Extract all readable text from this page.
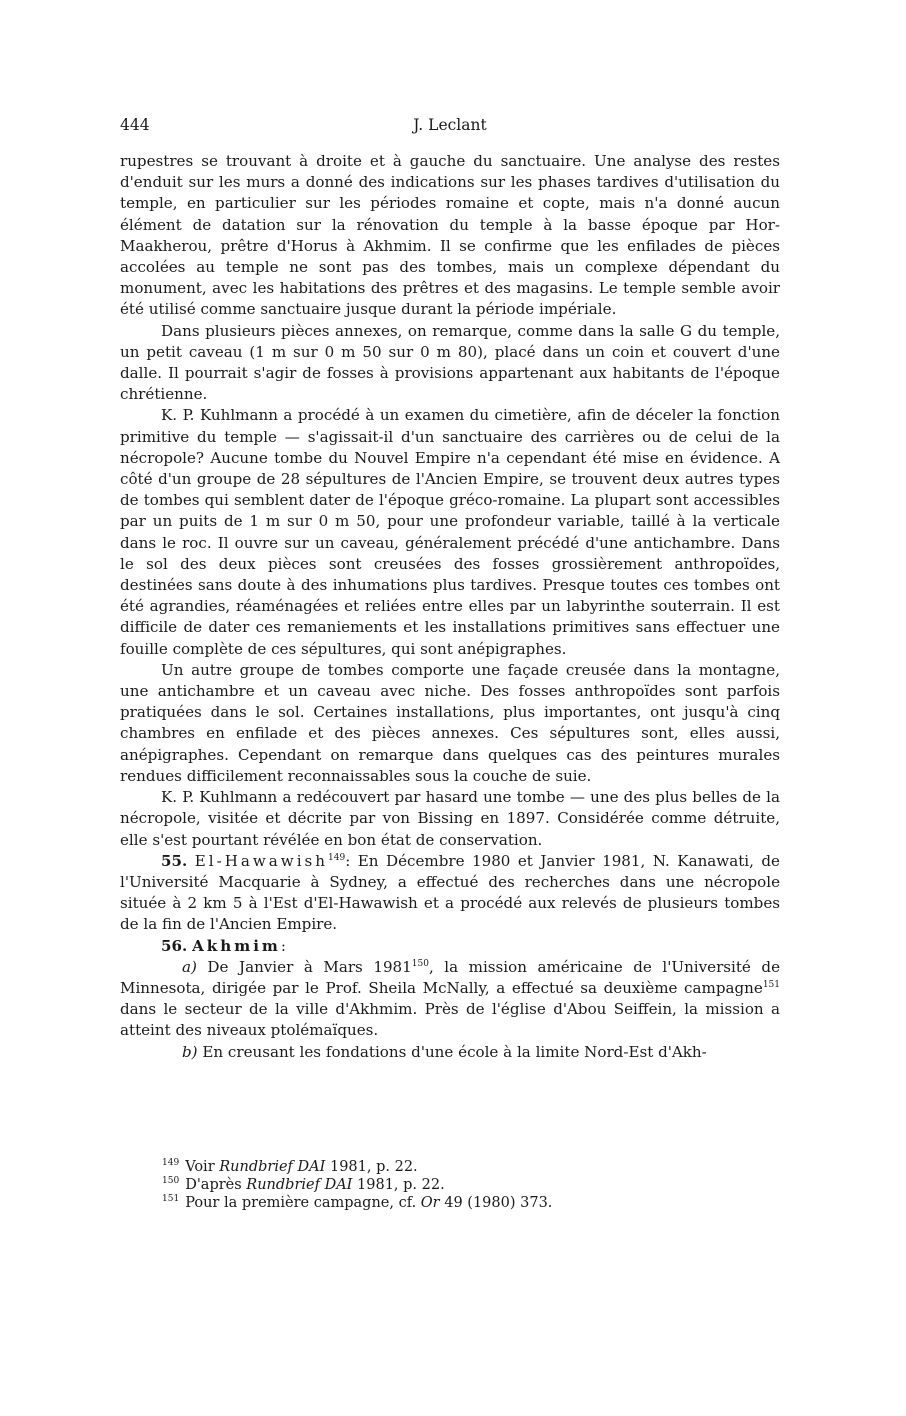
444	J. Leclant

rupestres se trouvant à droite et à gauche du sanctuaire. Une analyse des restes d'enduit sur les murs a donné des indications sur les phases tardives d'utilisation du temple, en particulier sur les périodes romaine et copte, mais n'a donné aucun élément de datation sur la rénovation du temple à la basse époque par Hor-Maakherou, prêtre d'Horus à Akhmim. Il se confirme que les enfilades de pièces accolées au temple ne sont pas des tombes, mais un complexe dépendant du monument, avec les habitations des prêtres et des magasins. Le temple semble avoir été utilisé comme sanctuaire jusque durant la période impériale.

Dans plusieurs pièces annexes, on remarque, comme dans la salle G du temple, un petit caveau (1 m sur 0 m 50 sur 0 m 80), placé dans un coin et couvert d'une dalle. Il pourrait s'agir de fosses à provisions appartenant aux habitants de l'époque chrétienne.

K. P. Kuhlmann a procédé à un examen du cimetière, afin de déceler la fonction primitive du temple — s'agissait-il d'un sanctuaire des carrières ou de celui de la nécropole? Aucune tombe du Nouvel Empire n'a cependant été mise en évidence. A côté d'un groupe de 28 sépultures de l'Ancien Empire, se trouvent deux autres types de tombes qui semblent dater de l'époque gréco-romaine. La plupart sont accessibles par un puits de 1 m sur 0 m 50, pour une profondeur variable, taillé à la verticale dans le roc. Il ouvre sur un caveau, généralement précédé d'une antichambre. Dans le sol des deux pièces sont creusées des fosses grossièrement anthropoïdes, destinées sans doute à des inhumations plus tardives. Presque toutes ces tombes ont été agrandies, réaménagées et reliées entre elles par un labyrinthe souterrain. Il est difficile de dater ces remaniements et les installations primitives sans effectuer une fouille complète de ces sépultures, qui sont anépigraphes.

Un autre groupe de tombes comporte une façade creusée dans la montagne, une antichambre et un caveau avec niche. Des fosses anthropoïdes sont parfois pratiquées dans le sol. Certaines installations, plus importantes, ont jusqu'à cinq chambres en enfilade et des pièces annexes. Ces sépultures sont, elles aussi, anépigraphes. Cependant on remarque dans quelques cas des peintures murales rendues difficilement reconnaissables sous la couche de suie.

K. P. Kuhlmann a redécouvert par hasard une tombe — une des plus belles de la nécropole, visitée et décrite par von Bissing en 1897. Considérée comme détruite, elle s'est pourtant révélée en bon état de conservation.

55. El-Hawawish$^{149}$: En Décembre 1980 et Janvier 1981, N. Kanawati, de l'Université Macquarie à Sydney, a effectué des recherches dans une nécropole située à 2 km 5 à l'Est d'El-Hawawish et a procédé aux relevés de plusieurs tombes de la fin de l'Ancien Empire.

56. Akhmim:

a) De Janvier à Mars 1981$^{150}$, la mission américaine de l'Université de Minnesota, dirigée par le Prof. Sheila McNally, a effectué sa deuxième campagne$^{151}$ dans le secteur de la ville d'Akhmim. Près de l'église d'Abou Seiffein, la mission a atteint des niveaux ptolémaïques.

b) En creusant les fondations d'une école à la limite Nord-Est d'Akh-

$^{149}$ Voir Rundbrief DAI 1981, p. 22.

$^{150}$ D'après Rundbrief DAI 1981, p. 22.

$^{151}$ Pour la première campagne, cf. Or 49 (1980) 373.
